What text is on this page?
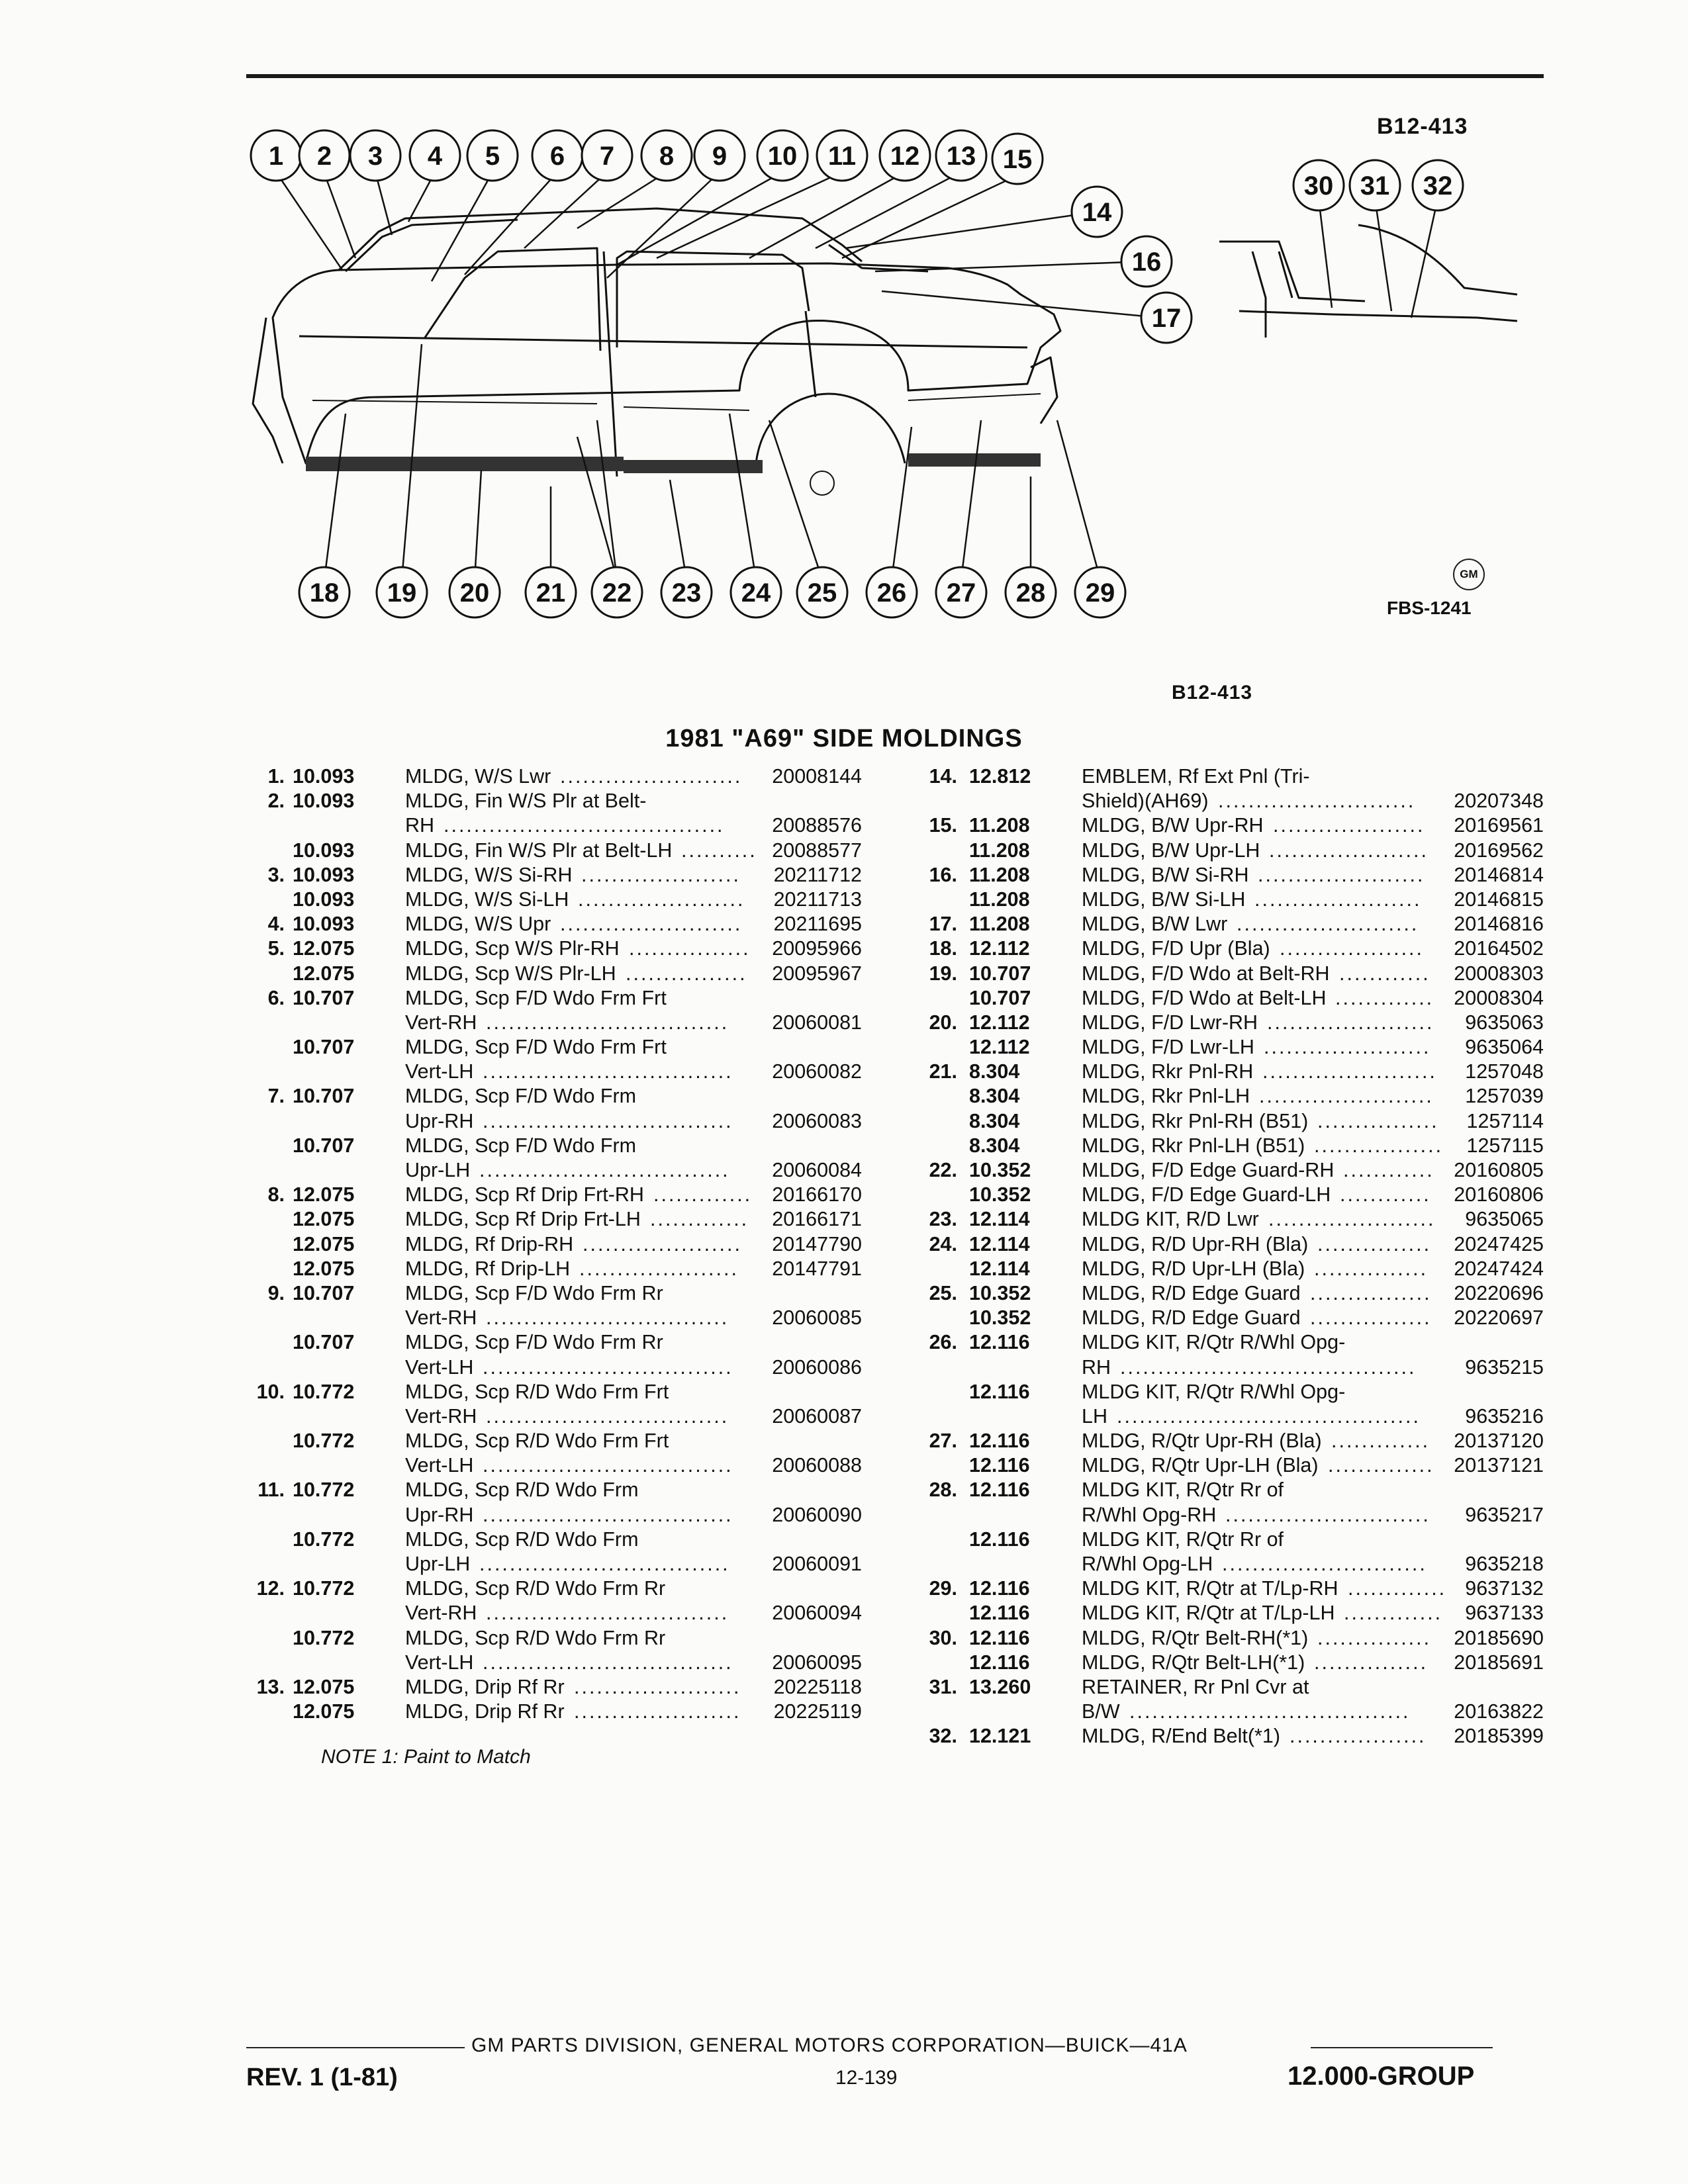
B12-413
1 2 3 4 5 6 7 8 9 10 11 12 13 15
14
16
17
30 31 32
18 19 20 21 22 23 24 25 26 27 28 29
GM
FBS-1241
B12-413
1981 "A69" SIDE MOLDINGS
1. 10.093	MLDG, W/S Lwr	20008144
........................
2. 10.093	MLDG, Fin W/S Plr at Belt-
RH	20088576
.....................................
10.093	MLDG, Fin W/S Plr at Belt-LH	20088577
..........
3. 10.093	MLDG, W/S Si-RH	20211712
.....................
10.093	MLDG, W/S Si-LH	20211713
......................
4. 10.093	MLDG, W/S Upr	20211695
........................
5. 12.075	MLDG, Scp W/S Plr-RH	20095966
................
12.075	MLDG, Scp W/S Plr-LH	20095967
................
6. 10.707	MLDG, Scp F/D Wdo Frm Frt
Vert-RH	20060081
................................
10.707	MLDG, Scp F/D Wdo Frm Frt
Vert-LH	20060082
.................................
7. 10.707	MLDG, Scp F/D Wdo Frm
Upr-RH	20060083
.................................
10.707	MLDG, Scp F/D Wdo Frm
Upr-LH	20060084
.................................
8. 12.075	MLDG, Scp Rf Drip Frt-RH	20166170
.............
12.075	MLDG, Scp Rf Drip Frt-LH	20166171
.............
12.075	MLDG, Rf Drip-RH	20147790
.....................
12.075	MLDG, Rf Drip-LH	20147791
.....................
9. 10.707	MLDG, Scp F/D Wdo Frm Rr
Vert-RH	20060085
................................
10.707	MLDG, Scp F/D Wdo Frm Rr
Vert-LH	20060086
.................................
10. 10.772	MLDG, Scp R/D Wdo Frm Frt
Vert-RH	20060087
................................
10.772	MLDG, Scp R/D Wdo Frm Frt
Vert-LH	20060088
.................................
11. 10.772	MLDG, Scp R/D Wdo Frm
Upr-RH	20060090
.................................
10.772	MLDG, Scp R/D Wdo Frm
Upr-LH	20060091
.................................
12. 10.772	MLDG, Scp R/D Wdo Frm Rr
Vert-RH	20060094
................................
10.772	MLDG, Scp R/D Wdo Frm Rr
Vert-LH	20060095
.................................
13. 12.075	MLDG, Drip Rf Rr	20225118
......................
12.075	MLDG, Drip Rf Rr	20225119
......................
14. 12.812	EMBLEM, Rf Ext Pnl (Tri-
Shield)(AH69)	20207348
..........................
15. 11.208	MLDG, B/W Upr-RH	20169561
....................
11.208	MLDG, B/W Upr-LH	20169562
.....................
16. 11.208	MLDG, B/W Si-RH	20146814
......................
11.208	MLDG, B/W Si-LH	20146815
......................
17. 11.208	MLDG, B/W Lwr	20146816
........................
18. 12.112	MLDG, F/D Upr (Bla)	20164502
...................
19. 10.707	MLDG, F/D Wdo at Belt-RH	20008303
............
10.707	MLDG, F/D Wdo at Belt-LH	20008304
.............
20. 12.112	MLDG, F/D Lwr-RH	9635063
......................
12.112	MLDG, F/D Lwr-LH	9635064
......................
21. 8.304	MLDG, Rkr Pnl-RH	1257048
.......................
8.304	MLDG, Rkr Pnl-LH	1257039
.......................
8.304	MLDG, Rkr Pnl-RH (B51)	1257114
................
8.304	MLDG, Rkr Pnl-LH (B51)	1257115
.................
22. 10.352	MLDG, F/D Edge Guard-RH	20160805
............
10.352	MLDG, F/D Edge Guard-LH	20160806
............
23. 12.114	MLDG KIT, R/D Lwr	9635065
......................
24. 12.114	MLDG, R/D Upr-RH (Bla)	20247425
...............
12.114	MLDG, R/D Upr-LH (Bla)	20247424
...............
25. 10.352	MLDG, R/D Edge Guard	20220696
................
10.352	MLDG, R/D Edge Guard	20220697
................
26. 12.116	MLDG KIT, R/Qtr R/Whl Opg-
RH	9635215
.......................................
12.116	MLDG KIT, R/Qtr R/Whl Opg-
LH	9635216
........................................
27. 12.116	MLDG, R/Qtr Upr-RH (Bla)	20137120
.............
12.116	MLDG, R/Qtr Upr-LH (Bla)	20137121
..............
28. 12.116	MLDG KIT, R/Qtr Rr of
R/Whl Opg-RH	9635217
...........................
12.116	MLDG KIT, R/Qtr Rr of
R/Whl Opg-LH	9635218
...........................
29. 12.116	MLDG KIT, R/Qtr at T/Lp-RH	9637132
.............
12.116	MLDG KIT, R/Qtr at T/Lp-LH	9637133
.............
30. 12.116	MLDG, R/Qtr Belt-RH(*1)	20185690
...............
12.116	MLDG, R/Qtr Belt-LH(*1)	20185691
...............
31. 13.260	RETAINER, Rr Pnl Cvr at
B/W	20163822
.....................................
32. 12.121	MLDG, R/End Belt(*1)	20185399
..................
NOTE 1: Paint to Match
GM PARTS DIVISION, GENERAL MOTORS CORPORATION—BUICK—41A
REV. 1 (1-81)	12-139	12.000-GROUP
